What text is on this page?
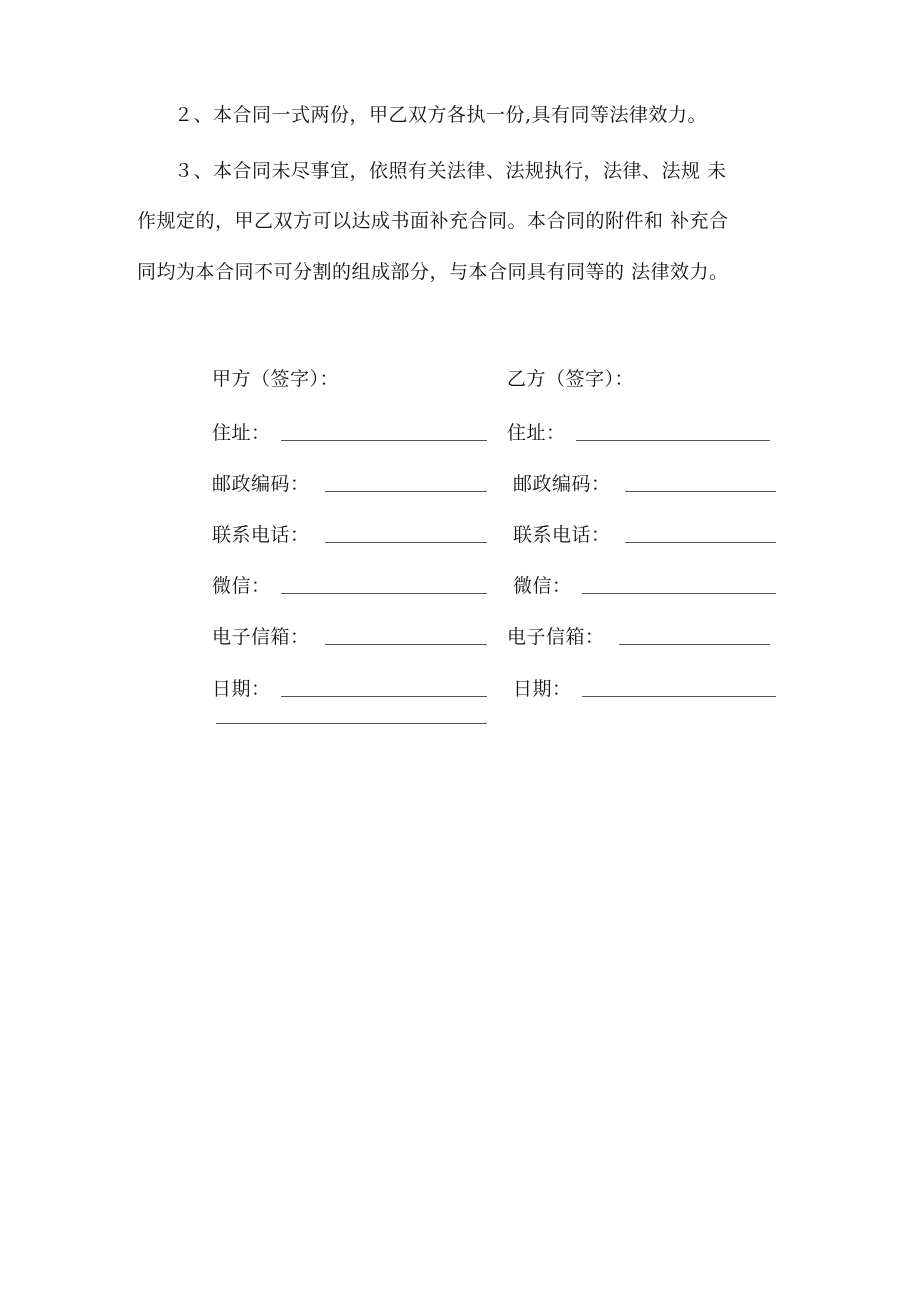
２、本合同一式两份，甲乙双方各执一份,具有同等法律效力。
３、本合同未尽事宜，依照有关法律、法规执行，法律、法规 未
作规定的，甲乙双方可以达成书面补充合同。本合同的附件和 补充合
同均为本合同不可分割的组成部分，与本合同具有同等的 法律效力。
甲方（签字）：
住址：
邮政编码：
联系电话：
微信：
电子信箱：
日期：
乙方（签字）：
住址：
邮政编码：
联系电话：
微信：
电子信箱：
日期：
